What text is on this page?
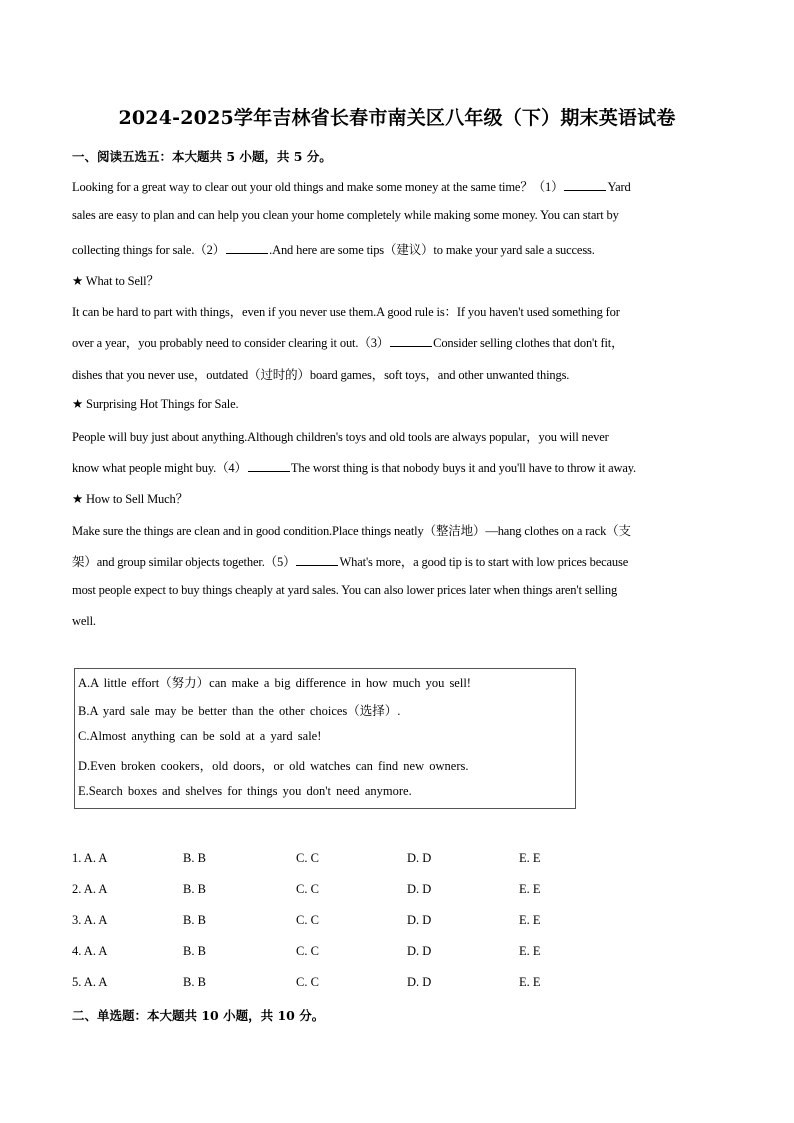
2024-2025学年吉林省长春市南关区八年级（下）期末英语试卷
一、阅读五选五：本大题共 5 小题，共 5 分。
Looking for a great way to clear out your old things and make some money at the same time？（1）	Yard
sales are easy to plan and can help you clean your home completely while making some money. You can start by
collecting things for sale.（2）	.And here are some tips（建议）to make your yard sale a success.
★ What to Sell？
It can be hard to part with things，even if you never use them.A good rule is：If you haven't used something for
over a year，you probably need to consider clearing it out.（3）	Consider selling clothes that don't fit，
dishes that you never use，outdated（过时的）board games，soft toys，and other unwanted things.
★ Surprising Hot Things for Sale.
People will buy just about anything.Although children's toys and old tools are always popular，you will never
know what people might buy.（4）	The worst thing is that nobody buys it and you'll have to throw it away.
★ How to Sell Much？
Make sure the things are clean and in good condition.Place things neatly（整洁地）—hang clothes on a rack（支
架）and group similar objects together.（5）	What's more，a good tip is to start with low prices because
most people expect to buy things cheaply at yard sales. You can also lower prices later when things aren't selling
well.
A.A little effort（努力）can make a big difference in how much you sell!
B.A yard sale may be better than the other choices（选择）.
C.Almost anything can be sold at a yard sale!
D.Even broken cookers，old doors，or old watches can find new owners.
E.Search boxes and shelves for things you don't need anymore.
1. A. A	B. B	C. C	D. D	E. E
2. A. A	B. B	C. C	D. D	E. E
3. A. A	B. B	C. C	D. D	E. E
4. A. A	B. B	C. C	D. D	E. E
5. A. A	B. B	C. C	D. D	E. E
二、单选题：本大题共 10 小题，共 10 分。
